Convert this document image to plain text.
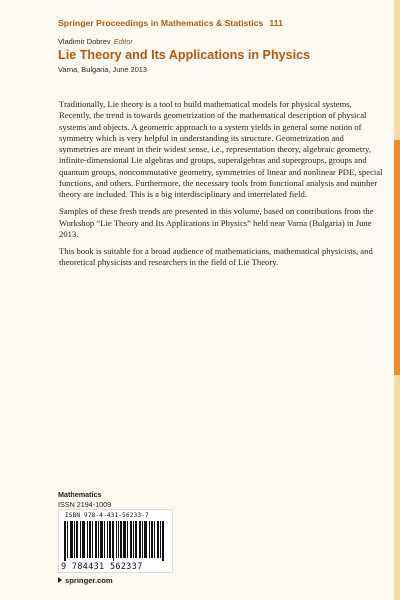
Springer Proceedings in Mathematics & Statistics 111
Vladimir Dobrev Editor
Lie Theory and Its Applications in Physics
Varna, Bulgaria, June 2013

Traditionally, Lie theory is a tool to build mathematical models for physical systems. Recently, the trend is towards geometrization of the mathematical description of physical systems and objects. A geometric approach to a system yields in general some notion of symmetry which is very helpful in understanding its structure. Geometrization and symmetries are meant in their widest sense, i.e., representation theory, algebraic geometry, infinite-dimensional Lie algebras and groups, superalgebras and supergroups, groups and quantum groups, noncommutative geometry, symmetries of linear and nonlinear PDE, special functions, and others. Furthermore, the necessary tools from functional analysis and number theory are included. This is a big interdisciplinary and interrelated field.

Samples of these fresh trends are presented in this volume, based on contributions from the Workshop “Lie Theory and Its Applications in Physics” held near Varna (Bulgaria) in June 2013.

This book is suitable for a broad audience of mathematicians, mathematical physicists, and theoretical physicists and researchers in the field of Lie Theory.

Mathematics
ISSN 2194-1009
ISBN 978-4-431-56233-7
9 784431 562337
springer.com
